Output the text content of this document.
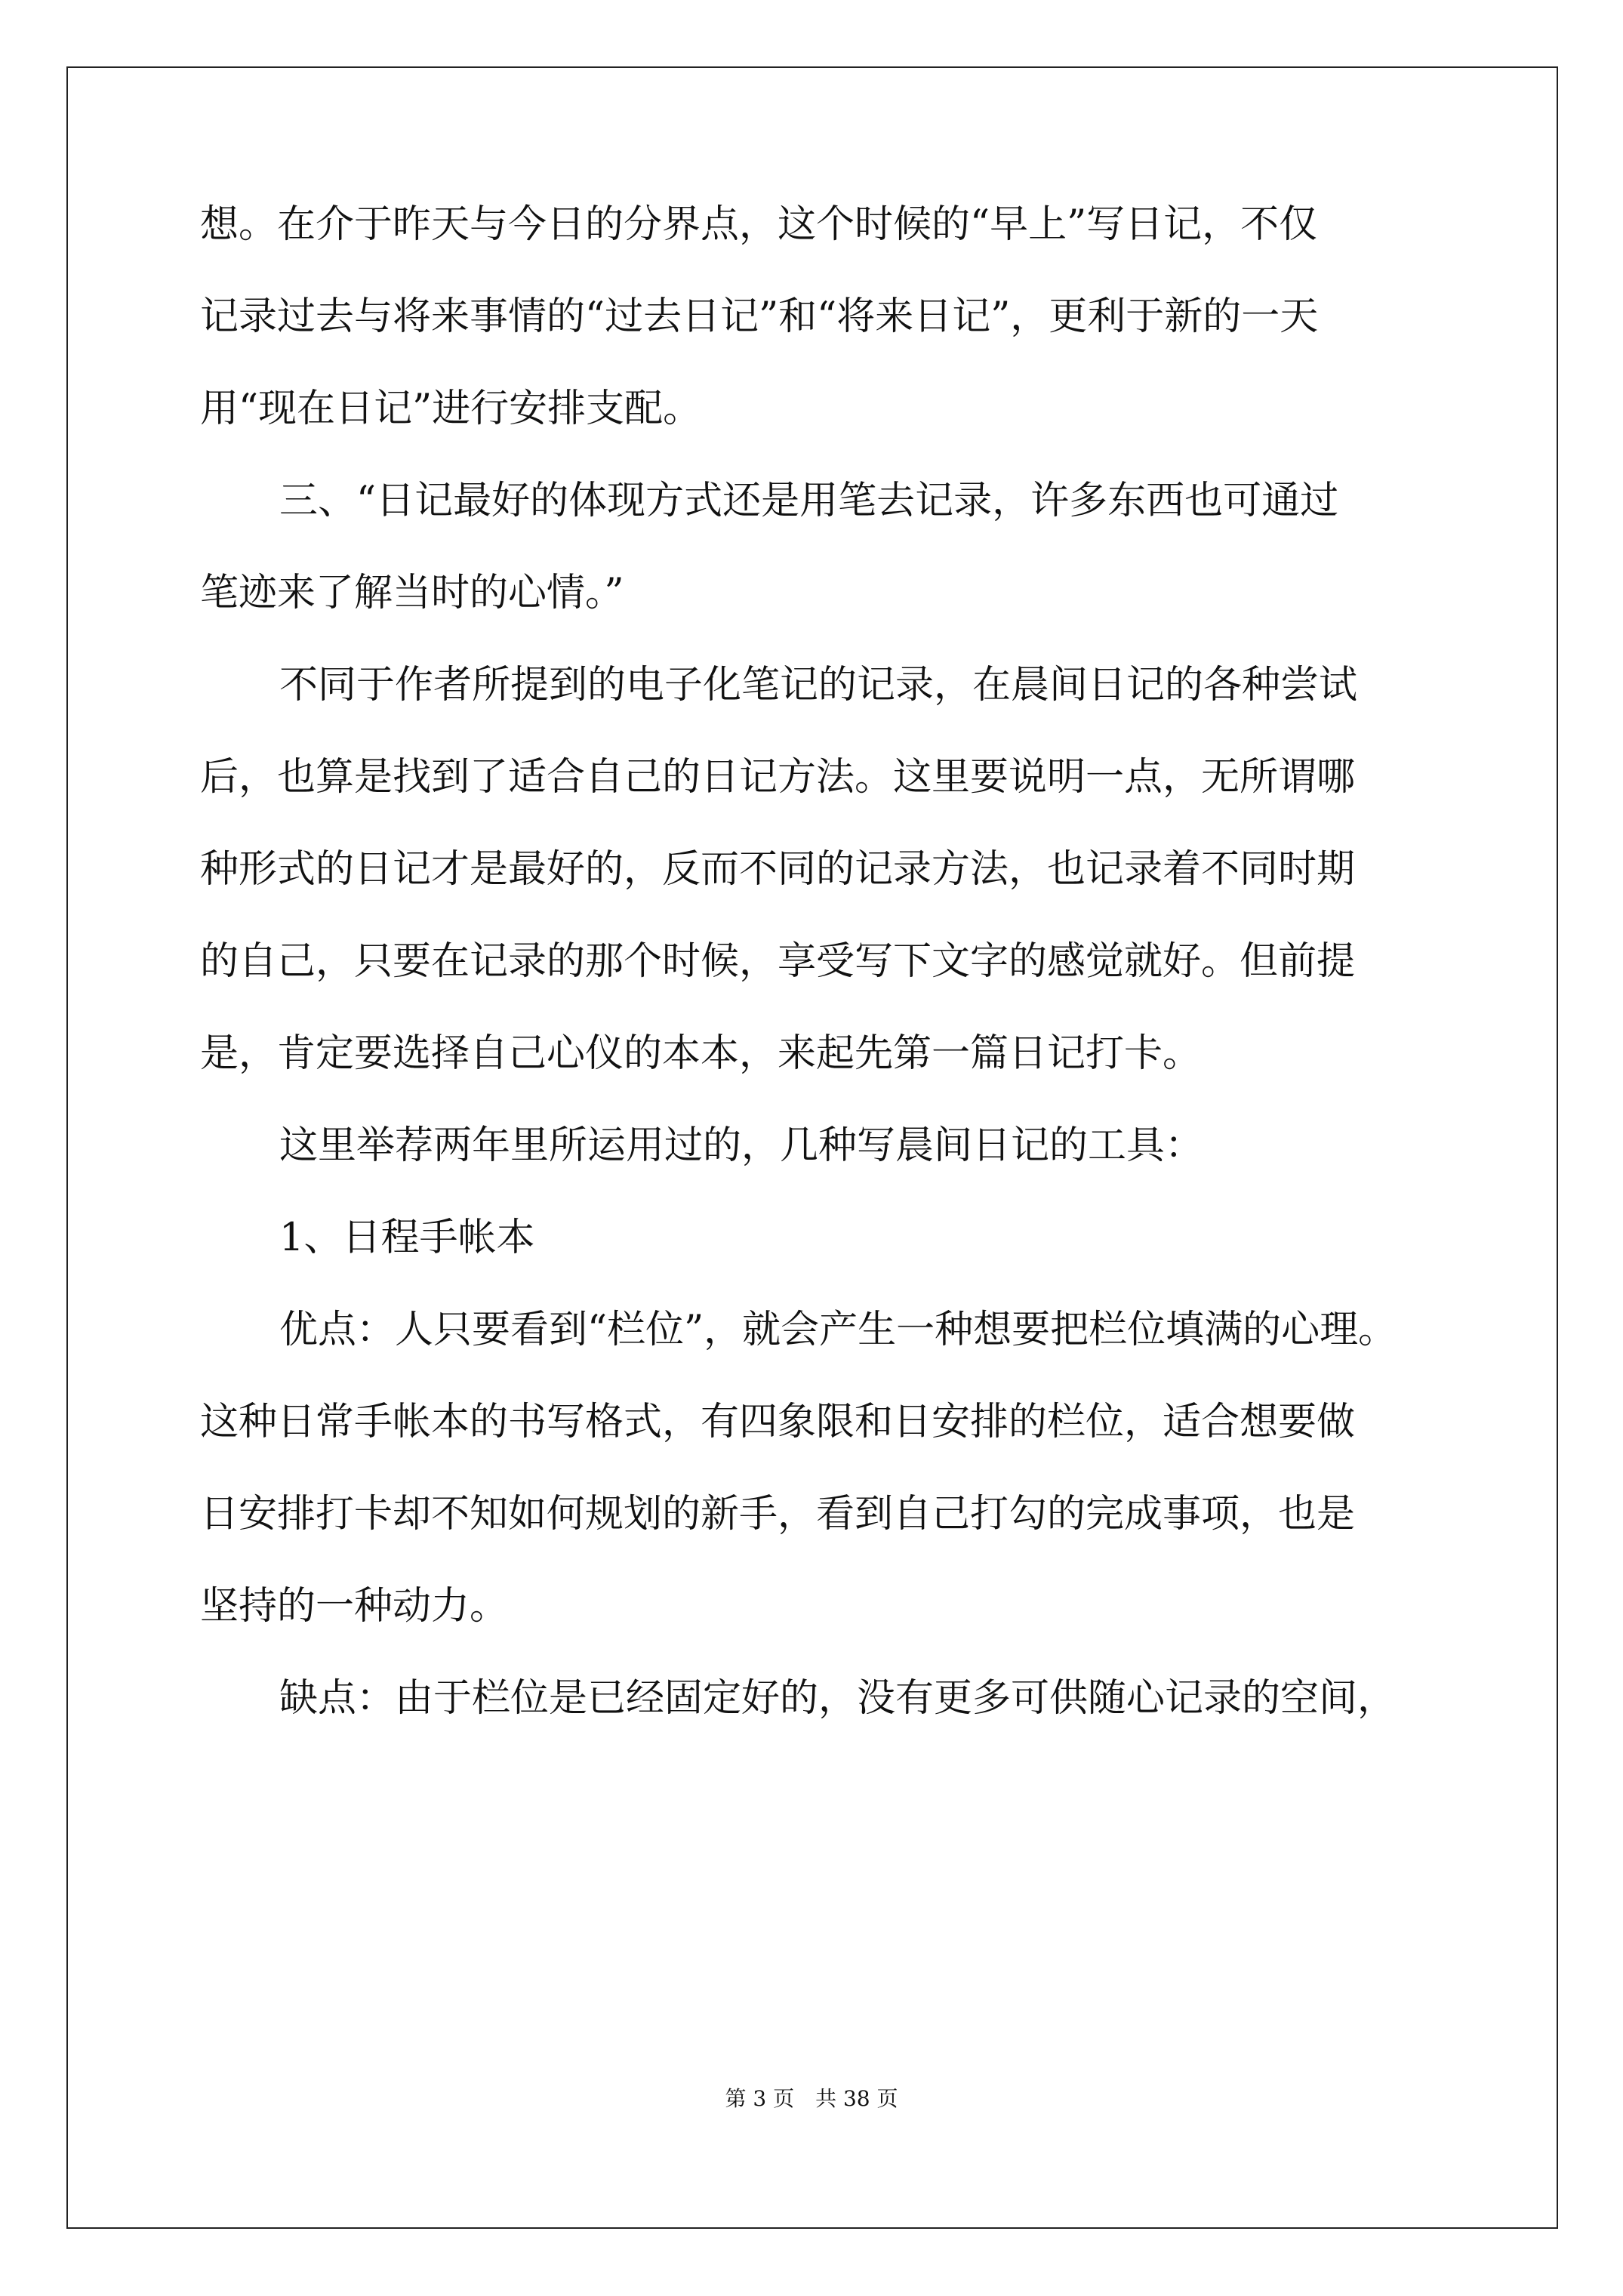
想。在介于昨天与今日的分界点，这个时候的“早上”写日记，不仅
记录过去与将来事情的“过去日记”和“将来日记”，更利于新的一天
用“现在日记”进行安排支配。
三、“日记最好的体现方式还是用笔去记录，许多东西也可通过
笔迹来了解当时的心情。”
不同于作者所提到的电子化笔记的记录，在晨间日记的各种尝试
后，也算是找到了适合自己的日记方法。这里要说明一点，无所谓哪
种形式的日记才是最好的，反而不同的记录方法，也记录着不同时期
的自己，只要在记录的那个时候，享受写下文字的感觉就好。但前提
是，肯定要选择自己心仪的本本，来起先第一篇日记打卡。
这里举荐两年里所运用过的，几种写晨间日记的工具：
1、日程手帐本
优点：人只要看到“栏位”，就会产生一种想要把栏位填满的心理。
这种日常手帐本的书写格式，有四象限和日安排的栏位，适合想要做
日安排打卡却不知如何规划的新手，看到自己打勾的完成事项，也是
坚持的一种动力。
缺点：由于栏位是已经固定好的，没有更多可供随心记录的空间，
第 3 页　共 38 页
